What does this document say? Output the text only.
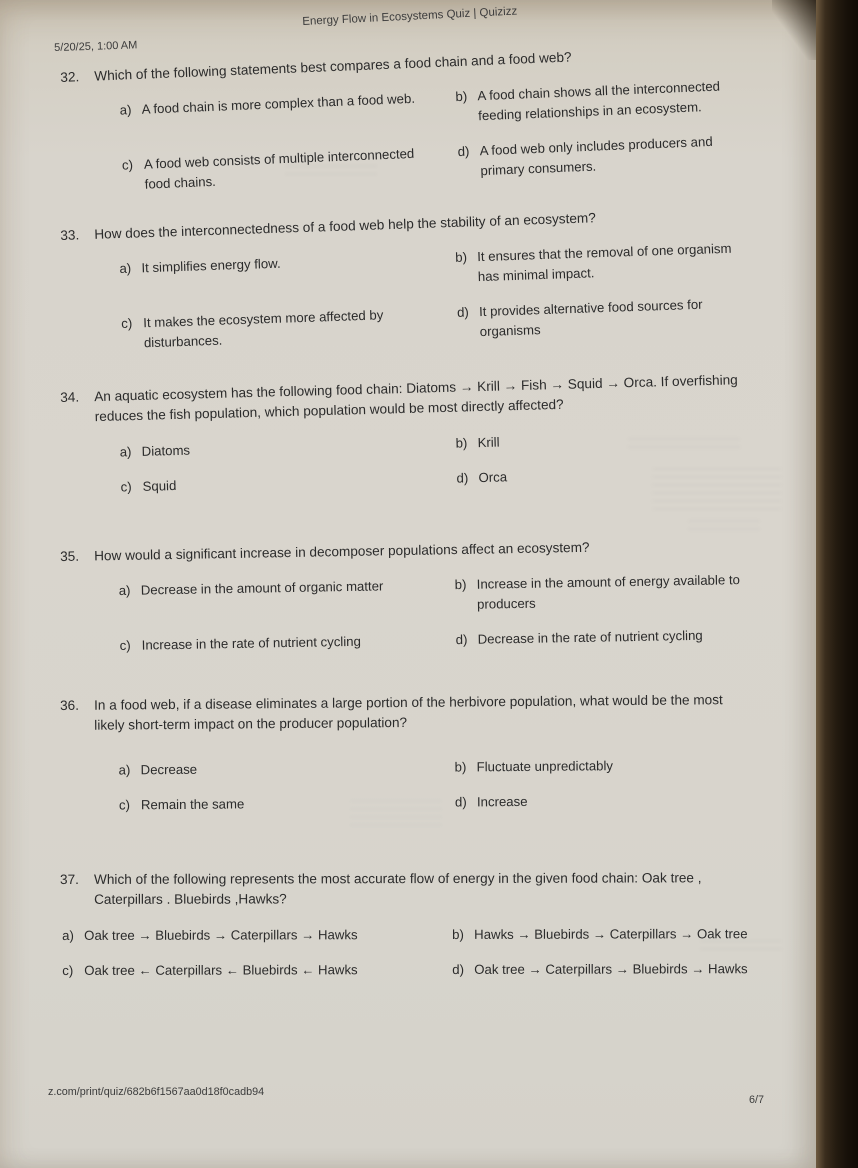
5/20/25, 1:00 AM
Energy Flow in Ecosystems Quiz | Quizizz
32.	Which of the following statements best compares a food chain and a food web?
a) A food chain is more complex than a food web.	b) A food chain shows all the interconnected feeding relationships in an ecosystem.
c) A food web consists of multiple interconnected food chains.
d) A food web only includes producers and primary consumers.
33.	How does the interconnectedness of a food web help the stability of an ecosystem?
a) It simplifies energy flow.	b) It ensures that the removal of one organism has minimal impact.
c) It makes the ecosystem more affected by disturbances.
d) It provides alternative food sources for organisms
34.	An aquatic ecosystem has the following food chain: Diatoms → Krill → Fish → Squid → Orca. If overfishing reduces the fish population, which population would be most directly affected?
a) Diatoms	b) Krill
c) Squid	d) Orca
35.	How would a significant increase in decomposer populations affect an ecosystem?
a) Decrease in the amount of organic matter	b) Increase in the amount of energy available to producers
c) Increase in the rate of nutrient cycling	d) Decrease in the rate of nutrient cycling
36.	In a food web, if a disease eliminates a large portion of the herbivore population, what would be the most likely short-term impact on the producer population?
a) Decrease	b) Fluctuate unpredictably
c) Remain the same	d) Increase
37.	Which of the following represents the most accurate flow of energy in the given food chain: Oak tree , Caterpillars . Bluebirds ,Hawks?
a) Oak tree → Bluebirds → Caterpillars → Hawks	b) Hawks → Bluebirds → Caterpillars → Oak tree
c) Oak tree ← Caterpillars ← Bluebirds ← Hawks	d) Oak tree → Caterpillars → Bluebirds → Hawks
z.com/print/quiz/682b6f1567aa0d18f0cadb94
6/7
